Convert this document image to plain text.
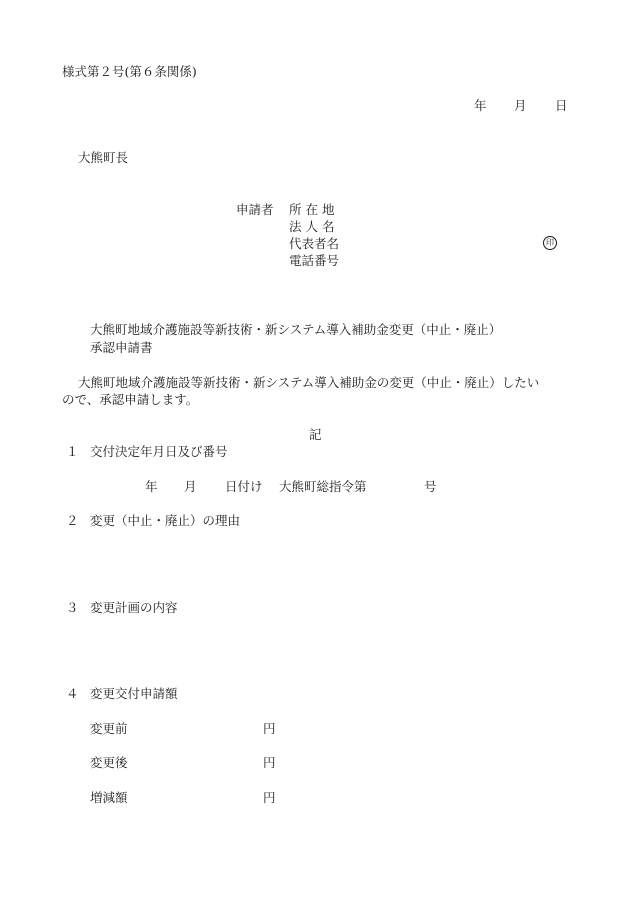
様式第２号(第６条関係)
年 月 日
大熊町長
申請者 所 在 地
法 人 名
代表者名	印
電話番号
大熊町地域介護施設等新技術・新システム導入補助金変更（中止・廃止）
承認申請書
大熊町地域介護施設等新技術・新システム導入補助金の変更（中止・廃止）したい
ので、承認申請します。
記
１ 交付決定年月日及び番号
年 月 日付け 大熊町総指令第	号
２ 変更（中止・廃止）の理由
３ 変更計画の内容
４ 変更交付申請額
変更前	円
変更後	円
増減額	円
